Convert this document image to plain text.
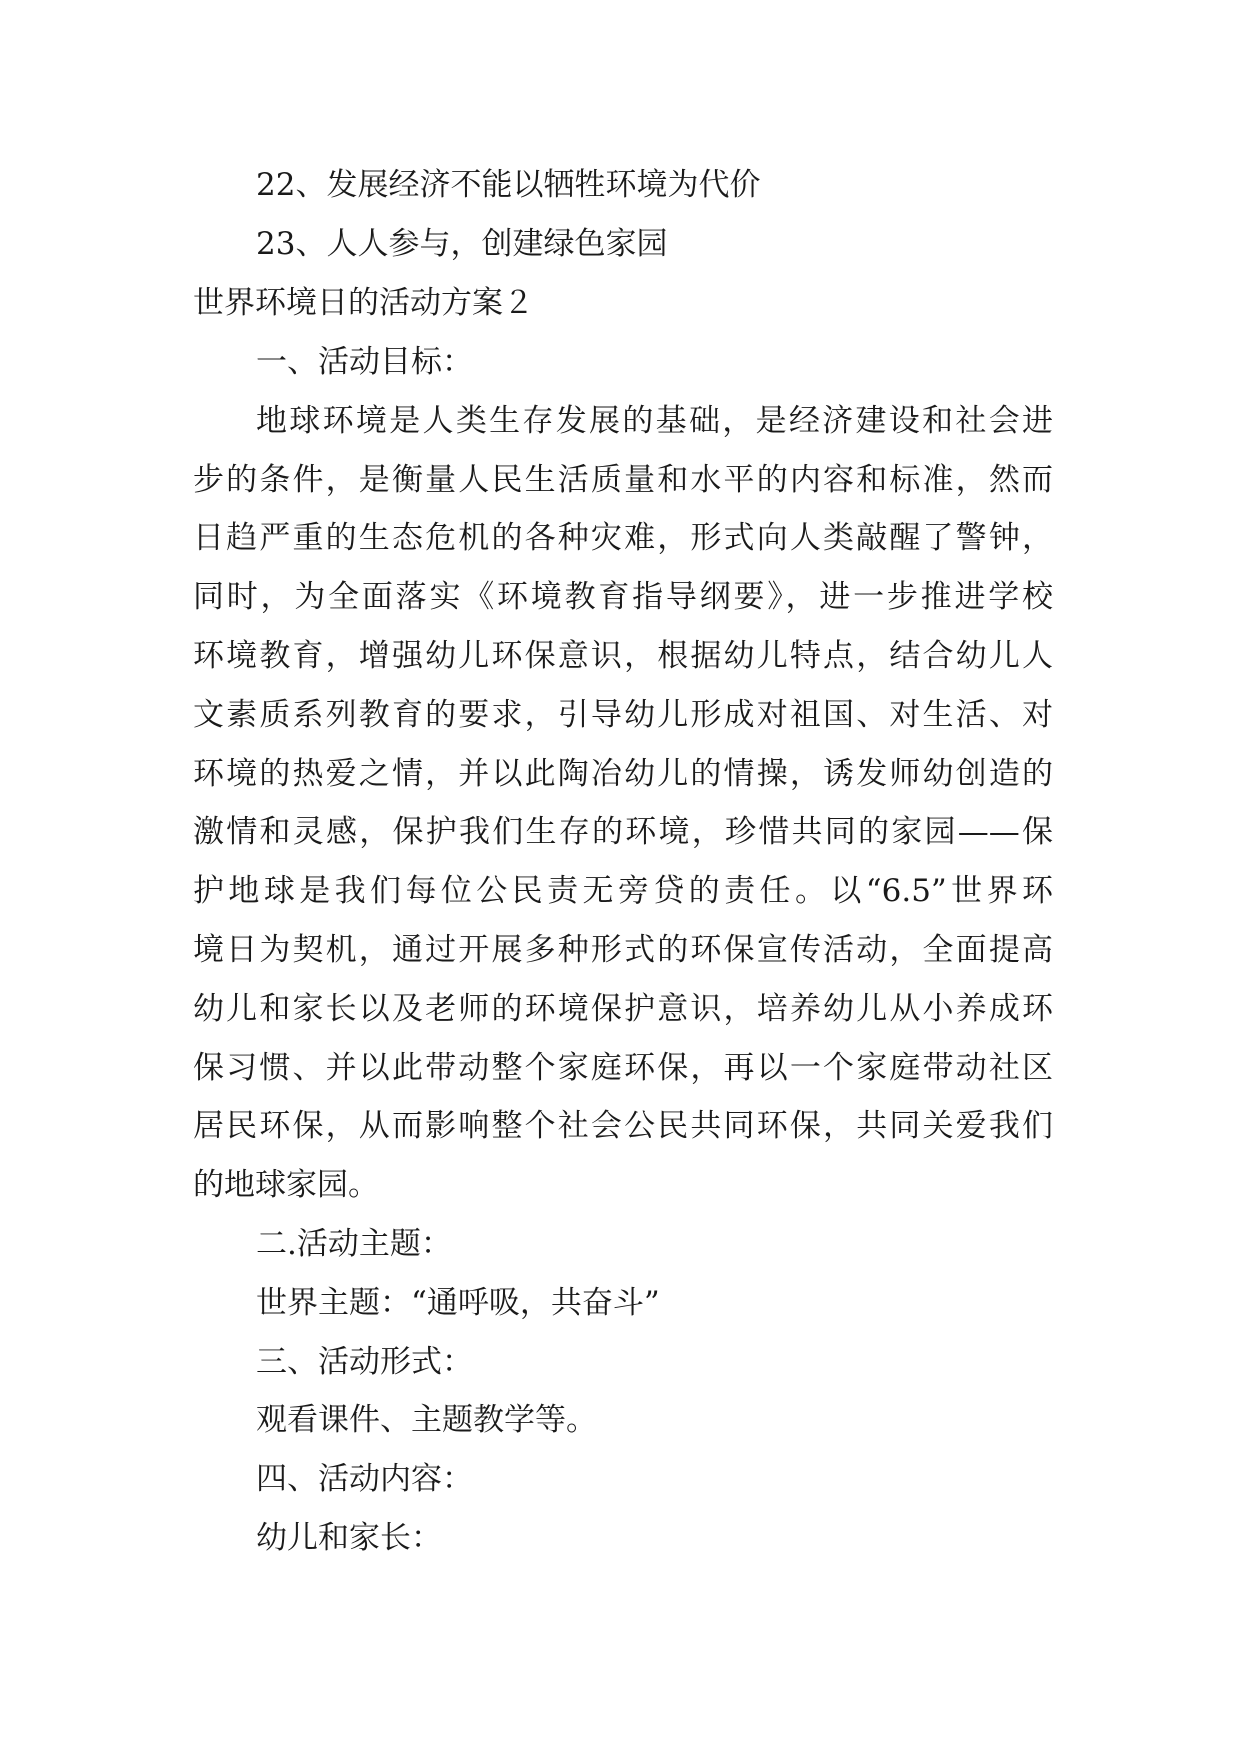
22、发展经济不能以牺牲环境为代价
23、人人参与，创建绿色家园
世界环境日的活动方案２
一、活动目标：
地球环境是人类生存发展的基础，是经济建设和社会进
步的条件，是衡量人民生活质量和水平的内容和标准，然而
日趋严重的生态危机的各种灾难，形式向人类敲醒了警钟，
同时，为全面落实《环境教育指导纲要》，进一步推进学校
环境教育，增强幼儿环保意识，根据幼儿特点，结合幼儿人
文素质系列教育的要求，引导幼儿形成对祖国、对生活、对
环境的热爱之情，并以此陶冶幼儿的情操，诱发师幼创造的
激情和灵感，保护我们生存的环境，珍惜共同的家园——保
护地球是我们每位公民责无旁贷的责任。以“6.5”世界环
境日为契机，通过开展多种形式的环保宣传活动，全面提高
幼儿和家长以及老师的环境保护意识，培养幼儿从小养成环
保习惯、并以此带动整个家庭环保，再以一个家庭带动社区
居民环保，从而影响整个社会公民共同环保，共同关爱我们
的地球家园。
二.活动主题：
世界主题：“通呼吸，共奋斗”
三、活动形式：
观看课件、主题教学等。
四、活动内容：
幼儿和家长：
